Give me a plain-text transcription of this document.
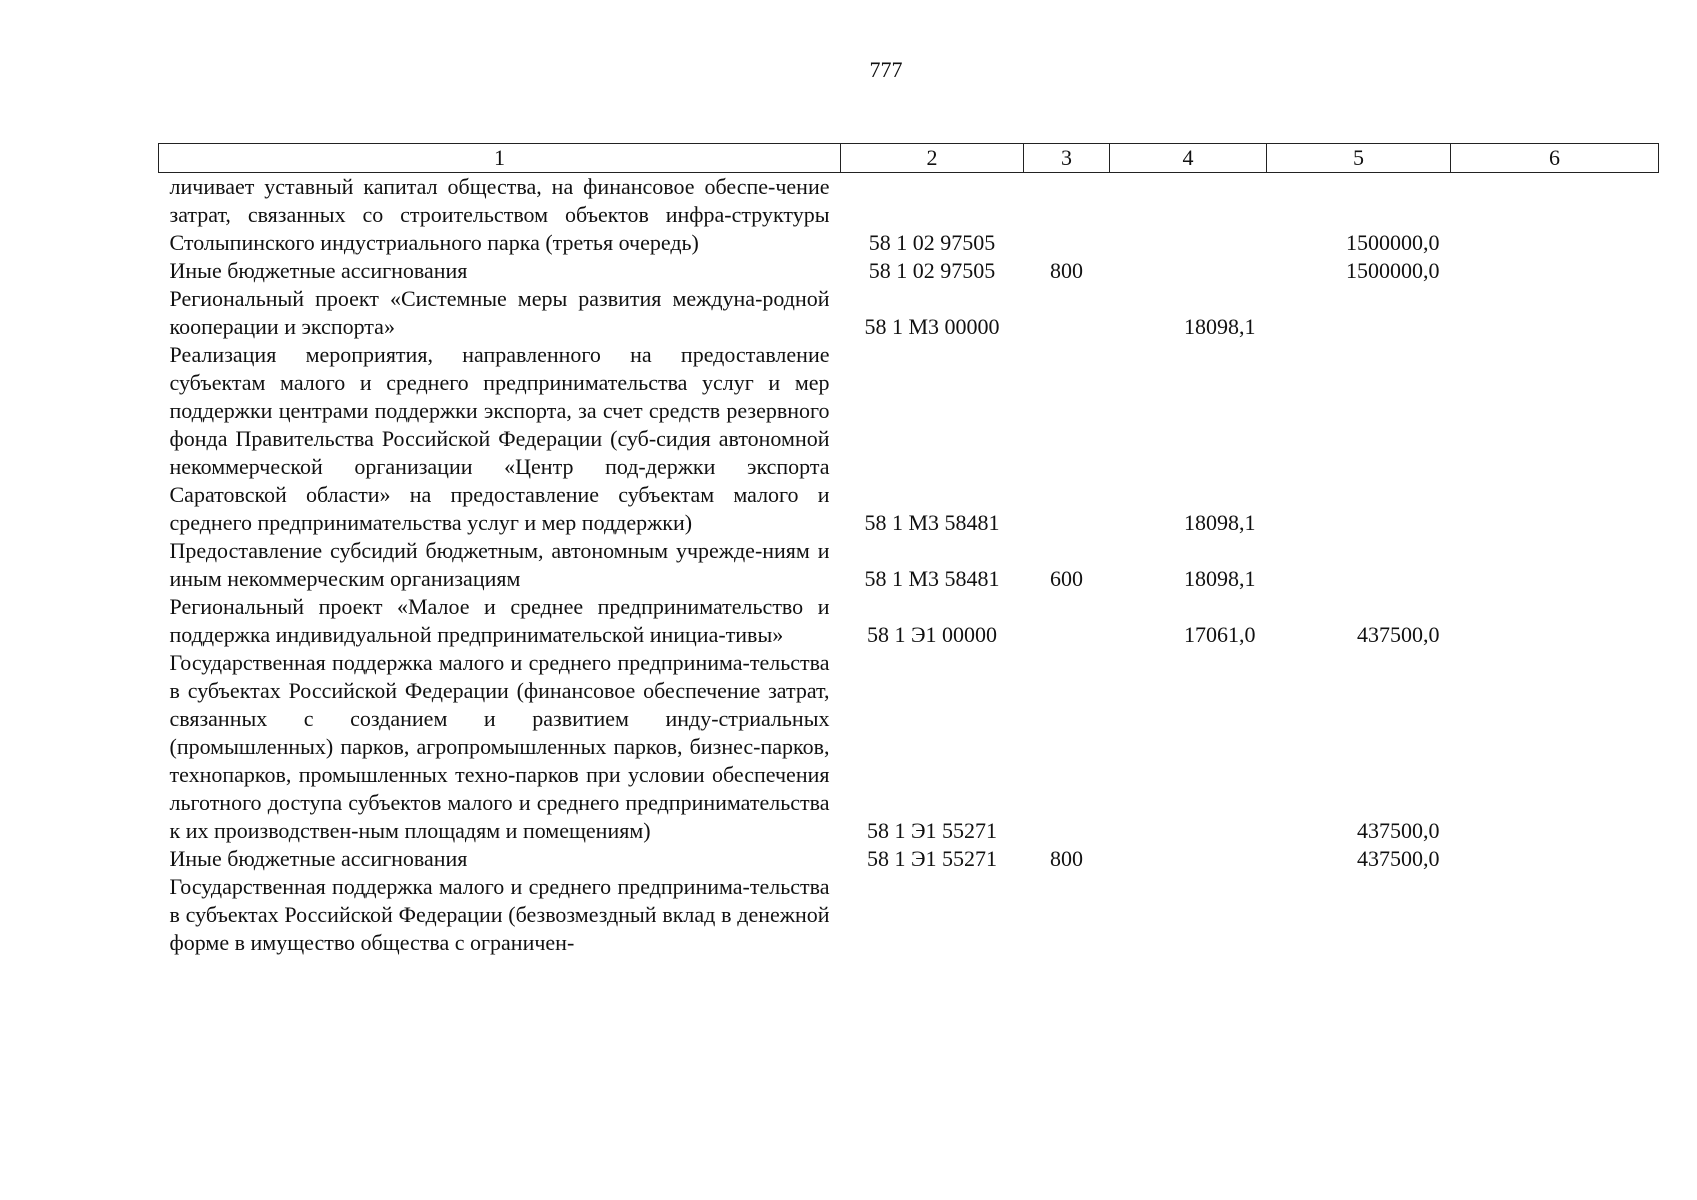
777
1	2	3	4	5	6
личивает уставный капитал общества, на финансовое обеспе-чение затрат, связанных со строительством объектов инфра-структуры Столыпинского индустриального парка (третья очередь)	58 1 02 97505			1500000,0	
Иные бюджетные ассигнования	58 1 02 97505	800		1500000,0	
Региональный проект «Системные меры развития междуна-родной кооперации и экспорта»	58 1 М3 00000		18098,1		
Реализация мероприятия, направленного на предоставление субъектам малого и среднего предпринимательства услуг и мер поддержки центрами поддержки экспорта, за счет средств резервного фонда Правительства Российской Федерации (суб-сидия автономной некоммерческой организации «Центр под-держки экспорта Саратовской области» на предоставление субъектам малого и среднего предпринимательства услуг и мер поддержки)	58 1 М3 58481		18098,1		
Предоставление субсидий бюджетным, автономным учрежде-ниям и иным некоммерческим организациям	58 1 М3 58481	600	18098,1		
Региональный проект «Малое и среднее предпринимательство и поддержка индивидуальной предпринимательской инициа-тивы»	58 1 Э1 00000		17061,0	437500,0	
Государственная поддержка малого и среднего предпринима-тельства в субъектах Российской Федерации (финансовое обеспечение затрат, связанных с созданием и развитием инду-стриальных (промышленных) парков, агропромышленных парков, бизнес-парков, технопарков, промышленных техно-парков при условии обеспечения льготного доступа субъектов малого и среднего предпринимательства к их производствен-ным площадям и помещениям)	58 1 Э1 55271			437500,0	
Иные бюджетные ассигнования	58 1 Э1 55271	800		437500,0	
Государственная поддержка малого и среднего предпринима-тельства в субъектах Российской Федерации (безвозмездный вклад в денежной форме в имущество общества с ограничен-					
